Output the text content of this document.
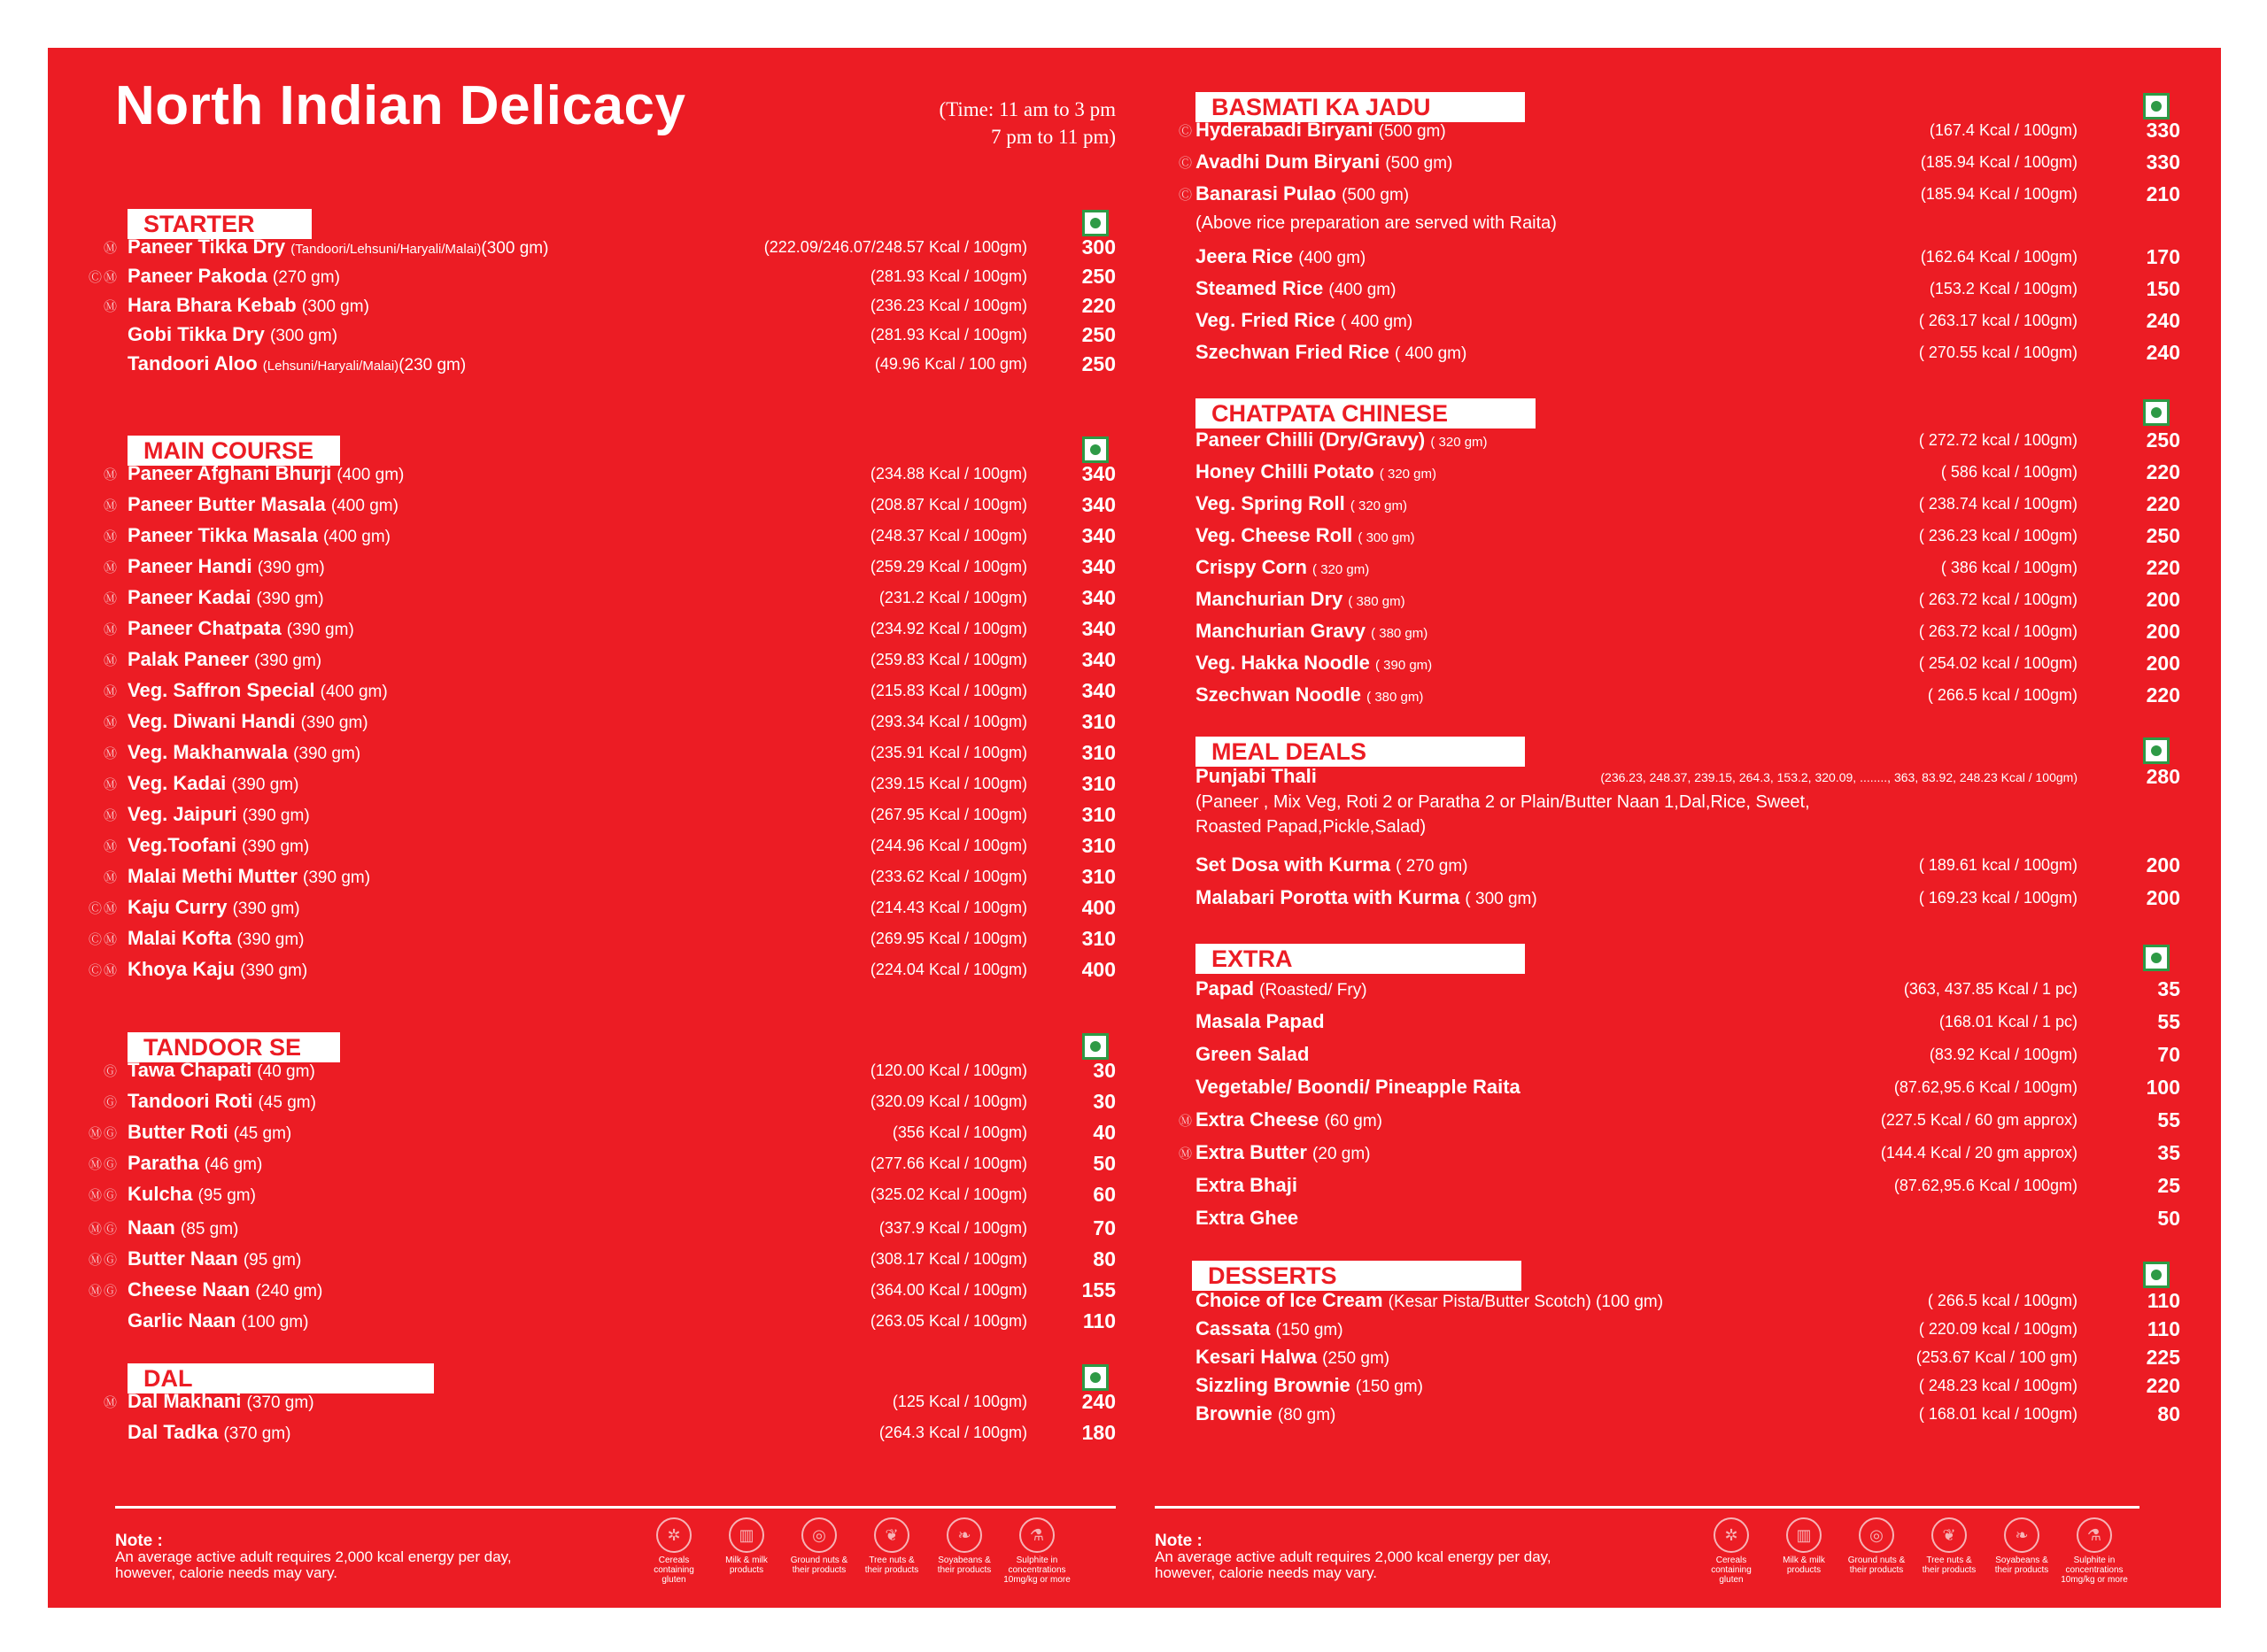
North Indian Delicacy	(Time: 11 am to 3 pm
7 pm to 11 pm)
STARTER
Ⓜ Paneer Tikka Dry (Tandoori/Lehsuni/Haryali/Malai)(300 gm)	(222.09/246.07/248.57 Kcal / 100gm)	300
ⒸⓂ Paneer Pakoda (270 gm)	(281.93 Kcal / 100gm)	250
Ⓜ Hara Bhara Kebab (300 gm)	(236.23 Kcal / 100gm)	220
Gobi Tikka Dry (300 gm)	(281.93 Kcal / 100gm)	250
Tandoori Aloo (Lehsuni/Haryali/Malai)(230 gm)	(49.96 Kcal / 100 gm)	250
MAIN COURSE
Ⓜ Paneer Afghani Bhurji (400 gm)	(234.88 Kcal / 100gm)	340
Ⓜ Paneer Butter Masala (400 gm)	(208.87 Kcal / 100gm)	340
Ⓜ Paneer Tikka Masala (400 gm)	(248.37 Kcal / 100gm)	340
Ⓜ Paneer Handi (390 gm)	(259.29 Kcal / 100gm)	340
Ⓜ Paneer Kadai (390 gm)	(231.2 Kcal / 100gm)	340
Ⓜ Paneer Chatpata (390 gm)	(234.92 Kcal / 100gm)	340
Ⓜ Palak Paneer (390 gm)	(259.83 Kcal / 100gm)	340
Ⓜ Veg. Saffron Special (400 gm)	(215.83 Kcal / 100gm)	340
Ⓜ Veg. Diwani Handi (390 gm)	(293.34 Kcal / 100gm)	310
Ⓜ Veg. Makhanwala (390 gm)	(235.91 Kcal / 100gm)	310
Ⓜ Veg. Kadai (390 gm)	(239.15 Kcal / 100gm)	310
Ⓜ Veg. Jaipuri (390 gm)	(267.95 Kcal / 100gm)	310
Ⓜ Veg.Toofani (390 gm)	(244.96 Kcal / 100gm)	310
Ⓜ Malai Methi Mutter (390 gm)	(233.62 Kcal / 100gm)	310
ⒸⓂ Kaju Curry (390 gm)	(214.43 Kcal / 100gm)	400
ⒸⓂ Malai Kofta (390 gm)	(269.95 Kcal / 100gm)	310
ⒸⓂ Khoya Kaju (390 gm)	(224.04 Kcal / 100gm)	400
TANDOOR SE
Ⓖ Tawa Chapati (40 gm)	(120.00 Kcal / 100gm)	30
Ⓖ Tandoori Roti (45 gm)	(320.09 Kcal / 100gm)	30
ⓂⒼ Butter Roti (45 gm)	(356 Kcal / 100gm)	40
ⓂⒼ Paratha (46 gm)	(277.66 Kcal / 100gm)	50
ⓂⒼ Kulcha (95 gm)	(325.02 Kcal / 100gm)	60
ⓂⒼ Naan (85 gm)	(337.9 Kcal / 100gm)	70
ⓂⒼ Butter Naan (95 gm)	(308.17 Kcal / 100gm)	80
ⓂⒼ Cheese Naan (240 gm)	(364.00 Kcal / 100gm)	155
Garlic Naan (100 gm)	(263.05 Kcal / 100gm)	110
DAL
Ⓜ Dal Makhani (370 gm)	(125 Kcal / 100gm)	240
Dal Tadka (370 gm)	(264.3 Kcal / 100gm)	180
Note :
An average active adult requires 2,000 kcal energy per day,
however, calorie needs may vary.
✲
Cereals containing
gluten
▥
Milk & milk
products
◎
Ground nuts &
their products
❦
Tree nuts &
their products
❧
Soyabeans &
their products
⚗
Sulphite in concentrations
10mg/kg or more
BASMATI KA JADU
Ⓒ Hyderabadi Biryani (500 gm)	(167.4 Kcal / 100gm)	330
Ⓒ Avadhi Dum Biryani (500 gm)	(185.94 Kcal / 100gm)	330
Ⓒ Banarasi Pulao (500 gm)	(185.94 Kcal / 100gm)	210
(Above rice preparation are served with Raita)
Jeera Rice (400 gm)	(162.64 Kcal / 100gm)	170
Steamed Rice (400 gm)	(153.2 Kcal / 100gm)	150
Veg. Fried Rice ( 400 gm)	( 263.17 kcal / 100gm)	240
Szechwan Fried Rice ( 400 gm)	( 270.55 kcal / 100gm)	240
CHATPATA CHINESE
Paneer Chilli (Dry/Gravy) ( 320 gm)	( 272.72 kcal / 100gm)	250
Honey Chilli Potato ( 320 gm)	( 586 kcal / 100gm)	220
Veg. Spring Roll ( 320 gm)	( 238.74 kcal / 100gm)	220
Veg. Cheese Roll ( 300 gm)	( 236.23 kcal / 100gm)	250
Crispy Corn ( 320 gm)	( 386 kcal / 100gm)	220
Manchurian Dry ( 380 gm)	( 263.72 kcal / 100gm)	200
Manchurian Gravy ( 380 gm)	( 263.72 kcal / 100gm)	200
Veg. Hakka Noodle ( 390 gm)	( 254.02 kcal / 100gm)	200
Szechwan Noodle ( 380 gm)	( 266.5 kcal / 100gm)	220
MEAL DEALS
Punjabi Thali	(236.23, 248.37, 239.15, 264.3, 153.2, 320.09, ........, 363, 83.92, 248.23 Kcal / 100gm)	280
(Paneer , Mix Veg, Roti 2 or Paratha 2 or Plain/Butter Naan 1,Dal,Rice, Sweet,
Roasted Papad,Pickle,Salad)
Set Dosa with Kurma ( 270 gm)	( 189.61 kcal / 100gm)	200
Malabari Porotta with Kurma ( 300 gm)	( 169.23 kcal / 100gm)	200
EXTRA
Papad (Roasted/ Fry)	(363, 437.85 Kcal / 1 pc)	35
Masala Papad	(168.01 Kcal / 1 pc)	55
Green Salad	(83.92 Kcal / 100gm)	70
Vegetable/ Boondi/ Pineapple Raita	(87.62,95.6 Kcal / 100gm)	100
Ⓜ Extra Cheese (60 gm)	(227.5 Kcal / 60 gm approx)	55
Ⓜ Extra Butter (20 gm)	(144.4 Kcal / 20 gm approx)	35
Extra Bhaji	(87.62,95.6 Kcal / 100gm)	25
Extra Ghee	50
DESSERTS
Choice of Ice Cream (Kesar Pista/Butter Scotch) (100 gm)	( 266.5 kcal / 100gm)	110
Cassata (150 gm)	( 220.09 kcal / 100gm)	110
Kesari Halwa (250 gm)	(253.67 Kcal / 100 gm)	225
Sizzling Brownie (150 gm)	( 248.23 kcal / 100gm)	220
Brownie (80 gm)	( 168.01 kcal / 100gm)	80
Note :
An average active adult requires 2,000 kcal energy per day,
however, calorie needs may vary.
✲
Cereals containing
gluten
▥
Milk & milk
products
◎
Ground nuts &
their products
❦
Tree nuts &
their products
❧
Soyabeans &
their products
⚗
Sulphite in concentrations
10mg/kg or more
